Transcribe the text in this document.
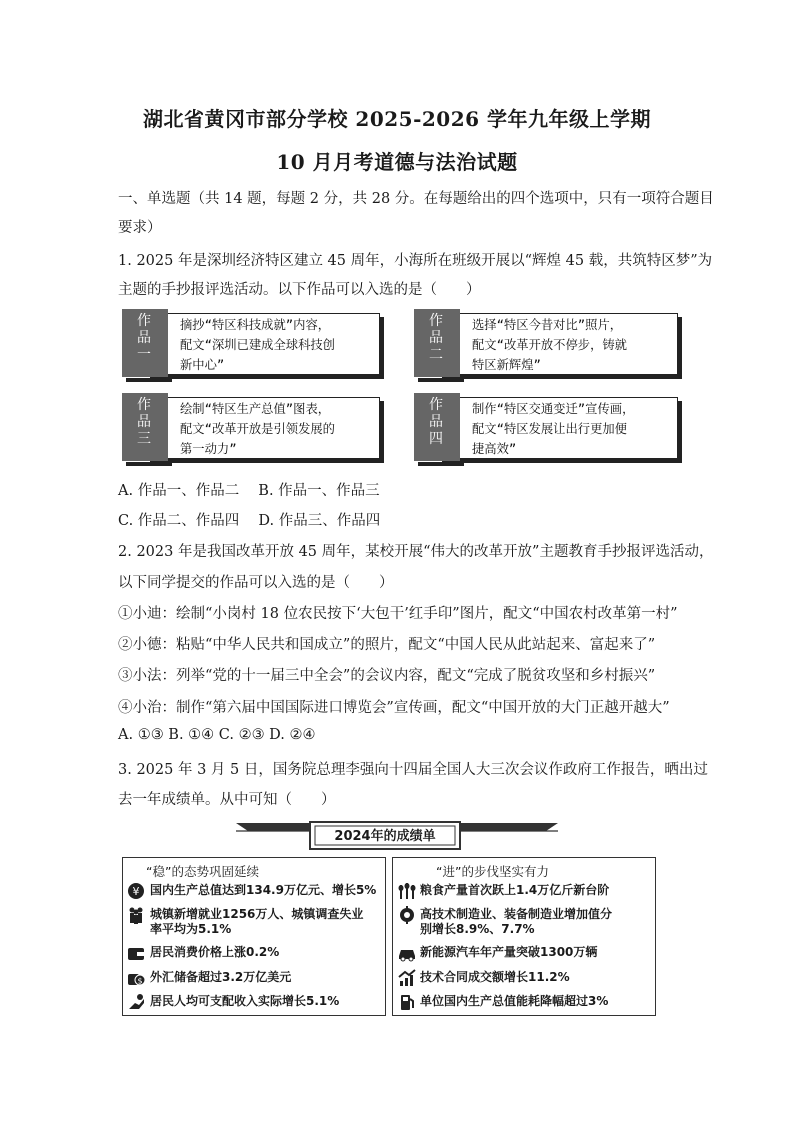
湖北省黄冈市部分学校 2025-2026 学年九年级上学期
10 月月考道德与法治试题
一、单选题（共 14 题，每题 2 分，共 28 分。在每题给出的四个选项中，只有一项符合题目
要求）
1. 2025 年是深圳经济特区建立 45 周年，小海所在班级开展以“辉煌 45 载，共筑特区梦”为
主题的手抄报评选活动。以下作品可以入选的是（　　）
作
品
一
摘抄“特区科技成就”内容，
配文“深圳已建成全球科技创
新中心”
作
品
二
选择“特区今昔对比”照片，
配文“改革开放不停步，铸就
特区新辉煌”
作
品
三
绘制“特区生产总值”图表，
配文“改革开放是引领发展的
第一动力”
作
品
四
制作“特区交通变迁”宣传画，
配文“特区发展让出行更加便
捷高效”
A. 作品一、作品二　 B. 作品一、作品三
C. 作品二、作品四　 D. 作品三、作品四
2. 2023 年是我国改革开放 45 周年，某校开展“伟大的改革开放”主题教育手抄报评选活动，
以下同学提交的作品可以入选的是（　　）
①小迪：绘制“小岗村 18 位农民按下‘大包干’红手印”图片，配文“中国农村改革第一村”
②小德：粘贴“中华人民共和国成立”的照片，配文“中国人民从此站起来、富起来了”
③小法：列举“党的十一届三中全会”的会议内容，配文“完成了脱贫攻坚和乡村振兴”
④小治：制作“第六届中国国际进口博览会”宣传画，配文“中国开放的大门正越开越大”
A. ①③ B. ①④ C. ②③ D. ②④
3. 2025 年 3 月 5 日，国务院总理李强向十四届全国人大三次会议作政府工作报告，晒出过
去一年成绩单。从中可知（　　）
2024年的成绩单
“稳”的态势巩固延续	“进”的步伐坚实有力
¥ 国内生产总值达到134.9万亿元、增长5%
城镇新增就业1256万人、城镇调查失业
率平均为5.1%
居民消费价格上涨0.2%
$ 外汇储备超过3.2万亿美元
居民人均可支配收入实际增长5.1%
粮食产量首次跃上1.4万亿斤新台阶
高技术制造业、装备制造业增加值分
别增长8.9%、7.7%
新能源汽车年产量突破1300万辆
技术合同成交额增长11.2%
单位国内生产总值能耗降幅超过3%
